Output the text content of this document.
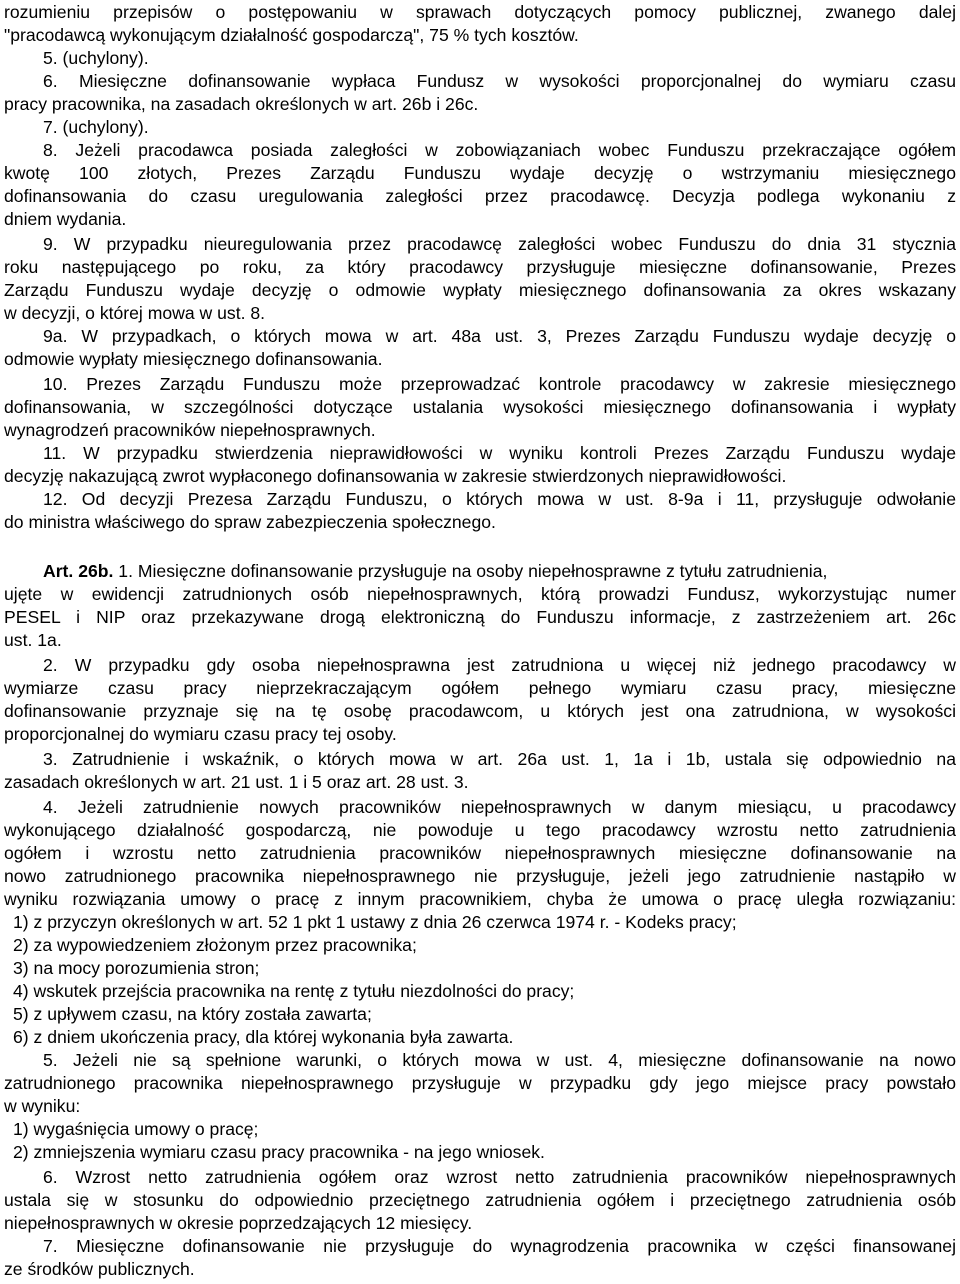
rozumieniu przepisów o postępowaniu w sprawach dotyczących pomocy publicznej, zwanego dalej
"pracodawcą wykonującym działalność gospodarczą", 75 % tych kosztów.
5. (uchylony).
6. Miesięczne dofinansowanie wypłaca Fundusz w wysokości proporcjonalnej do wymiaru czasu
pracy pracownika, na zasadach określonych w art. 26b i 26c.
7. (uchylony).
8. Jeżeli pracodawca posiada zaległości w zobowiązaniach wobec Funduszu przekraczające ogółem
kwotę 100 złotych, Prezes Zarządu Funduszu wydaje decyzję o wstrzymaniu miesięcznego
dofinansowania do czasu uregulowania zaległości przez pracodawcę. Decyzja podlega wykonaniu z
dniem wydania.
9. W przypadku nieuregulowania przez pracodawcę zaległości wobec Funduszu do dnia 31 stycznia
roku następującego po roku, za który pracodawcy przysługuje miesięczne dofinansowanie, Prezes
Zarządu Funduszu wydaje decyzję o odmowie wypłaty miesięcznego dofinansowania za okres wskazany
w decyzji, o której mowa w ust. 8.
9a. W przypadkach, o których mowa w art. 48a ust. 3, Prezes Zarządu Funduszu wydaje decyzję o
odmowie wypłaty miesięcznego dofinansowania.
10. Prezes Zarządu Funduszu może przeprowadzać kontrole pracodawcy w zakresie miesięcznego
dofinansowania, w szczególności dotyczące ustalania wysokości miesięcznego dofinansowania i wypłaty
wynagrodzeń pracowników niepełnosprawnych.
11. W przypadku stwierdzenia nieprawidłowości w wyniku kontroli Prezes Zarządu Funduszu wydaje
decyzję nakazującą zwrot wypłaconego dofinansowania w zakresie stwierdzonych nieprawidłowości.
12. Od decyzji Prezesa Zarządu Funduszu, o których mowa w ust. 8-9a i 11, przysługuje odwołanie
do ministra właściwego do spraw zabezpieczenia społecznego.
Art. 26b. 1. Miesięczne dofinansowanie przysługuje na osoby niepełnosprawne z tytułu zatrudnienia,
ujęte w ewidencji zatrudnionych osób niepełnosprawnych, którą prowadzi Fundusz, wykorzystując numer
PESEL i NIP oraz przekazywane drogą elektroniczną do Funduszu informacje, z zastrzeżeniem art. 26c
ust. 1a.
2. W przypadku gdy osoba niepełnosprawna jest zatrudniona u więcej niż jednego pracodawcy w
wymiarze czasu pracy nieprzekraczającym ogółem pełnego wymiaru czasu pracy, miesięczne
dofinansowanie przyznaje się na tę osobę pracodawcom, u których jest ona zatrudniona, w wysokości
proporcjonalnej do wymiaru czasu pracy tej osoby.
3. Zatrudnienie i wskaźnik, o których mowa w art. 26a ust. 1, 1a i 1b, ustala się odpowiednio na
zasadach określonych w art. 21 ust. 1 i 5 oraz art. 28 ust. 3.
4. Jeżeli zatrudnienie nowych pracowników niepełnosprawnych w danym miesiącu, u pracodawcy
wykonującego działalność gospodarczą, nie powoduje u tego pracodawcy wzrostu netto zatrudnienia
ogółem i wzrostu netto zatrudnienia pracowników niepełnosprawnych miesięczne dofinansowanie na
nowo zatrudnionego pracownika niepełnosprawnego nie przysługuje, jeżeli jego zatrudnienie nastąpiło w
wyniku rozwiązania umowy o pracę z innym pracownikiem, chyba że umowa o pracę uległa rozwiązaniu:
1) z przyczyn określonych w art. 52 1 pkt 1 ustawy z dnia 26 czerwca 1974 r. - Kodeks pracy;
2) za wypowiedzeniem złożonym przez pracownika;
3) na mocy porozumienia stron;
4) wskutek przejścia pracownika na rentę z tytułu niezdolności do pracy;
5) z upływem czasu, na który została zawarta;
6) z dniem ukończenia pracy, dla której wykonania była zawarta.
5. Jeżeli nie są spełnione warunki, o których mowa w ust. 4, miesięczne dofinansowanie na nowo
zatrudnionego pracownika niepełnosprawnego przysługuje w przypadku gdy jego miejsce pracy powstało
w wyniku:
1) wygaśnięcia umowy o pracę;
2) zmniejszenia wymiaru czasu pracy pracownika - na jego wniosek.
6. Wzrost netto zatrudnienia ogółem oraz wzrost netto zatrudnienia pracowników niepełnosprawnych
ustala się w stosunku do odpowiednio przeciętnego zatrudnienia ogółem i przeciętnego zatrudnienia osób
niepełnosprawnych w okresie poprzedzających 12 miesięcy.
7. Miesięczne dofinansowanie nie przysługuje do wynagrodzenia pracownika w części finansowanej
ze środków publicznych.
